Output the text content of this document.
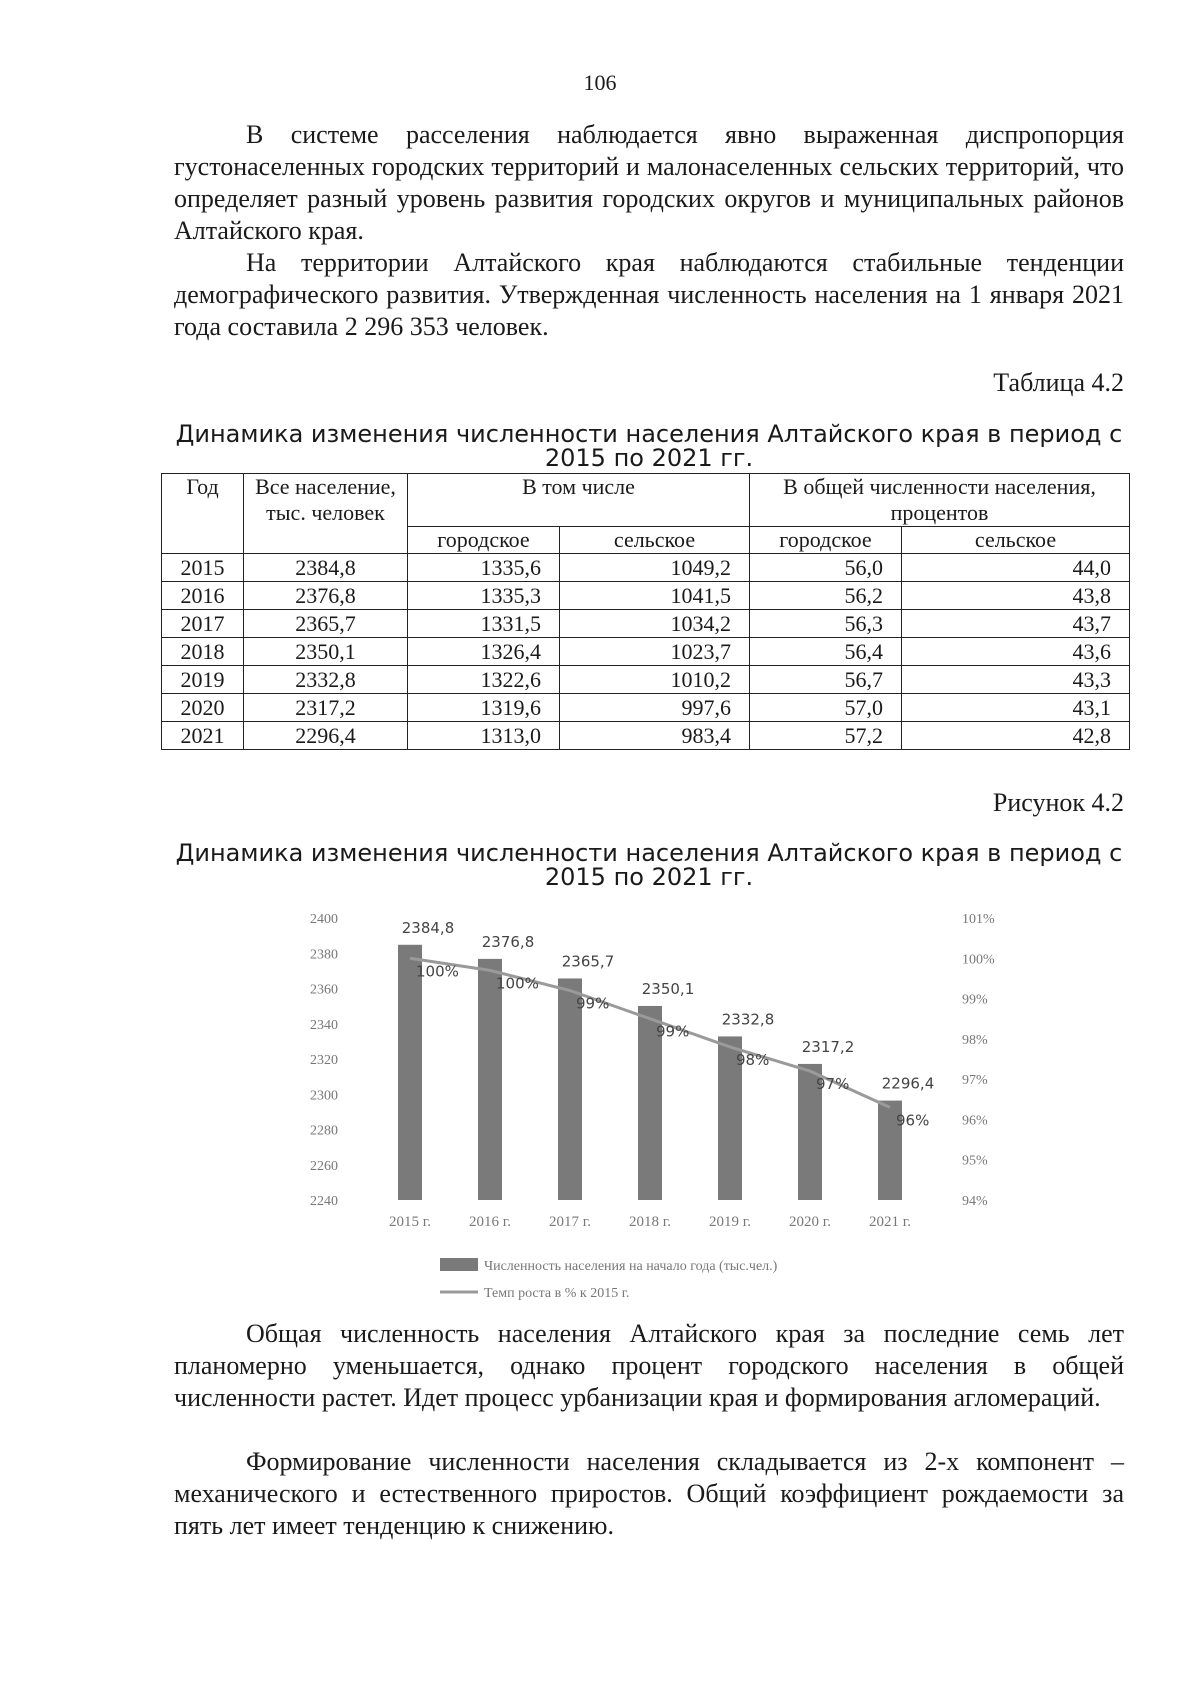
106

В системе расселения наблюдается явно выраженная диспропорция густонаселенных городских территорий и малонаселенных сельских территорий, что определяет разный уровень развития городских округов и муниципальных районов Алтайского края.

На территории Алтайского края наблюдаются стабильные тенденции демографического развития. Утвержденная численность населения на 1 января 2021 года составила 2 296 353 человек.

Таблица 4.2
Динамика изменения численности населения Алтайского края в период с 2015 по 2021 гг.
Год	Все население, тыс. человек	В том числе		В общей численности населения, процентов	
		городское	сельское	городское	сельское
2015	2384,8	1335,6	1049,2	56,0	44,0
2016	2376,8	1335,3	1041,5	56,2	43,8
2017	2365,7	1331,5	1034,2	56,3	43,7
2018	2350,1	1326,4	1023,7	56,4	43,6
2019	2332,8	1322,6	1010,2	56,7	43,3
2020	2317,2	1319,6	997,6	57,0	43,1
2021	2296,4	1313,0	983,4	57,2	42,8
Рисунок 4.2
Динамика изменения численности населения Алтайского края в период с 2015 по 2021 гг.
2400
2380
2360
2340
2320
2300
2280
2260
2240
101%
100%
99%
98%
97%
96%
95%
94%
2384,8
2376,8
2365,7
2350,1
2332,8
2317,2
2296,4
100%
100%
99%
99%
98%
97%
96%
2015 г.	2016 г.	2017 г.	2018 г.	2019 г.	2020 г.	2021 г.
Численность населения на начало года (тыс.чел.)
Темп роста в % к 2015 г.

Общая численность населения Алтайского края за последние семь лет планомерно уменьшается, однако процент городского населения в общей численности растет. Идет процесс урбанизации края и формирования агломераций.

Формирование численности населения складывается из 2-х компонент – механического и естественного приростов. Общий коэффициент рождаемости за пять лет имеет тенденцию к снижению.
